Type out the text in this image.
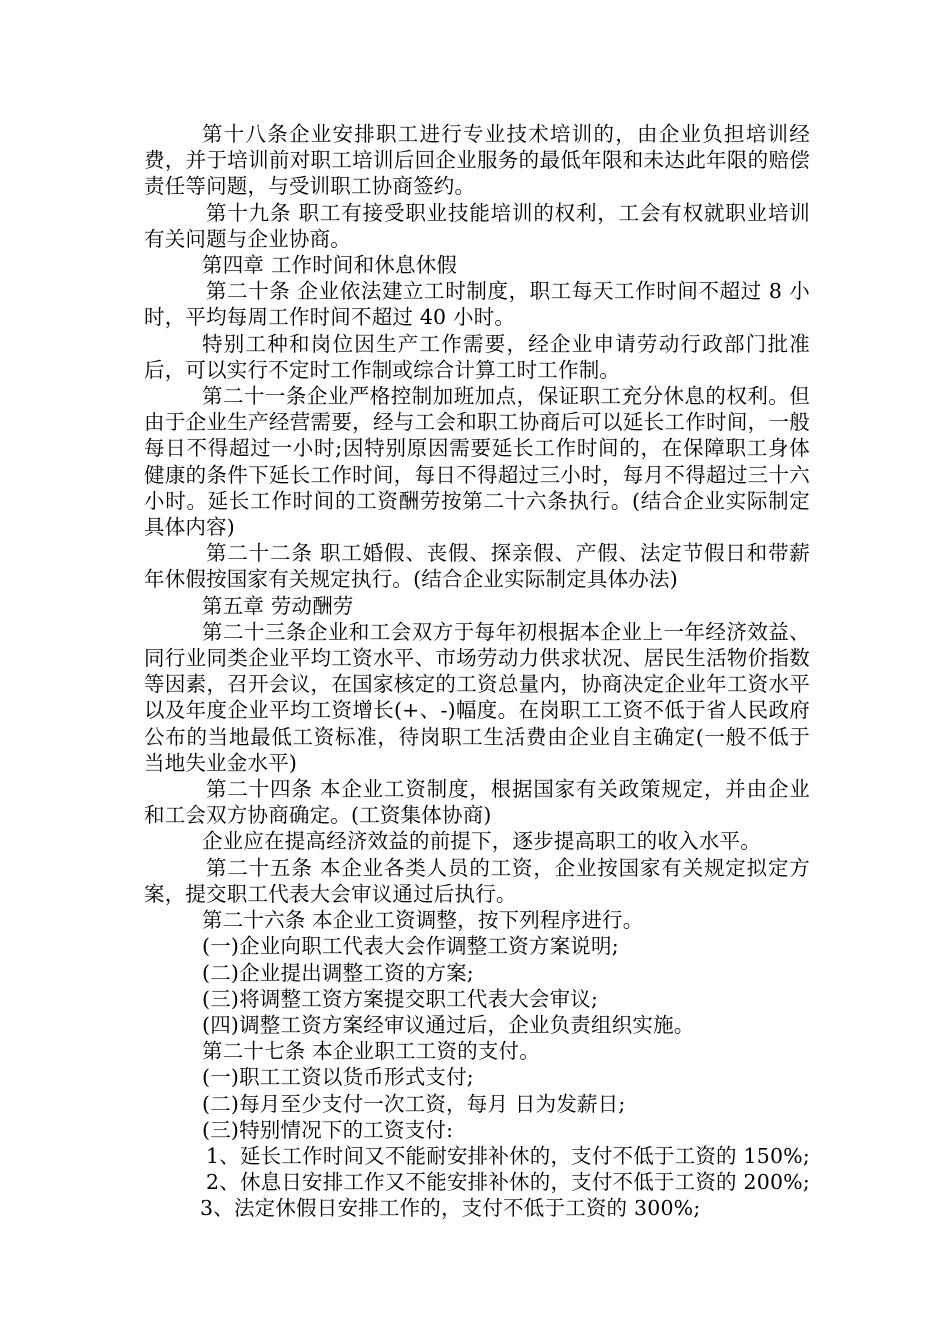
第十八条企业安排职工进行专业技术培训的，由企业负担培训经费，并于培训前对职工培训后回企业服务的最低年限和未达此年限的赔偿责任等问题，与受训职工协商签约。

第十九条 职工有接受职业技能培训的权利，工会有权就职业培训有关问题与企业协商。

第四章 工作时间和休息休假

第二十条 企业依法建立工时制度，职工每天工作时间不超过 8 小时，平均每周工作时间不超过 40 小时。

特别工种和岗位因生产工作需要，经企业申请劳动行政部门批准后，可以实行不定时工作制或综合计算工时工作制。

第二十一条企业严格控制加班加点，保证职工充分休息的权利。但由于企业生产经营需要，经与工会和职工协商后可以延长工作时间，一般每日不得超过一小时;因特别原因需要延长工作时间的，在保障职工身体健康的条件下延长工作时间，每日不得超过三小时，每月不得超过三十六小时。延长工作时间的工资酬劳按第二十六条执行。(结合企业实际制定具体内容)

第二十二条 职工婚假、丧假、探亲假、产假、法定节假日和带薪年休假按国家有关规定执行。(结合企业实际制定具体办法)

第五章 劳动酬劳

第二十三条企业和工会双方于每年初根据本企业上一年经济效益、同行业同类企业平均工资水平、市场劳动力供求状况、居民生活物价指数等因素，召开会议，在国家核定的工资总量内，协商决定企业年工资水平以及年度企业平均工资增长(+、-)幅度。在岗职工工资不低于省人民政府公布的当地最低工资标准，待岗职工生活费由企业自主确定(一般不低于当地失业金水平)

第二十四条 本企业工资制度，根据国家有关政策规定，并由企业和工会双方协商确定。(工资集体协商)

企业应在提高经济效益的前提下，逐步提高职工的收入水平。

第二十五条 本企业各类人员的工资，企业按国家有关规定拟定方案，提交职工代表大会审议通过后执行。

第二十六条 本企业工资调整，按下列程序进行。

(一)企业向职工代表大会作调整工资方案说明;

(二)企业提出调整工资的方案;

(三)将调整工资方案提交职工代表大会审议;

(四)调整工资方案经审议通过后，企业负责组织实施。

第二十七条 本企业职工工资的支付。

(一)职工工资以货币形式支付;

(二)每月至少支付一次工资，每月 日为发薪日;

(三)特别情况下的工资支付:

1、延长工作时间又不能耐安排补休的，支付不低于工资的 150%;

2、休息日安排工作又不能安排补休的，支付不低于工资的 200%;

3、法定休假日安排工作的，支付不低于工资的 300%;
